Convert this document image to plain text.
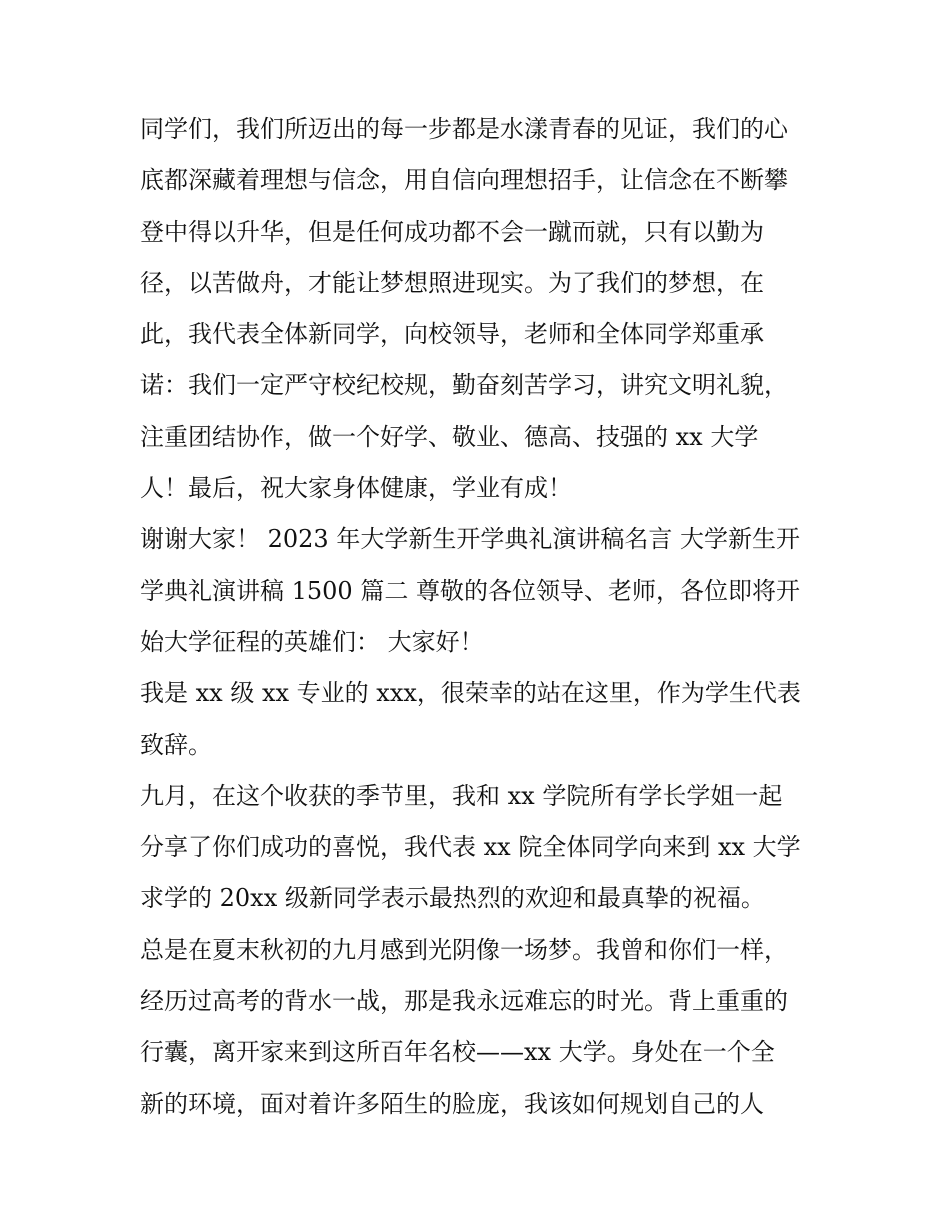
同学们，我们所迈出的每一步都是水漾青春的见证，我们的心
底都深藏着理想与信念，用自信向理想招手，让信念在不断攀
登中得以升华，但是任何成功都不会一蹴而就，只有以勤为
径，以苦做舟，才能让梦想照进现实。为了我们的梦想，在
此，我代表全体新同学，向校领导，老师和全体同学郑重承
诺：我们一定严守校纪校规，勤奋刻苦学习，讲究文明礼貌，
注重团结协作，做一个好学、敬业、德高、技强的 xx 大学
人！最后，祝大家身体健康，学业有成！

谢谢大家！ 2023 年大学新生开学典礼演讲稿名言 大学新生开
学典礼演讲稿 1500 篇二 尊敬的各位领导、老师，各位即将开
始大学征程的英雄们： 大家好！

我是 xx 级 xx 专业的 xxx，很荣幸的站在这里，作为学生代表
致辞。

九月，在这个收获的季节里，我和 xx 学院所有学长学姐一起
分享了你们成功的喜悦，我代表 xx 院全体同学向来到 xx 大学
求学的 20xx 级新同学表示最热烈的欢迎和最真挚的祝福。

总是在夏末秋初的九月感到光阴像一场梦。我曾和你们一样，
经历过高考的背水一战，那是我永远难忘的时光。背上重重的
行囊，离开家来到这所百年名校——xx 大学。身处在一个全
新的环境，面对着许多陌生的脸庞，我该如何规划自己的人
